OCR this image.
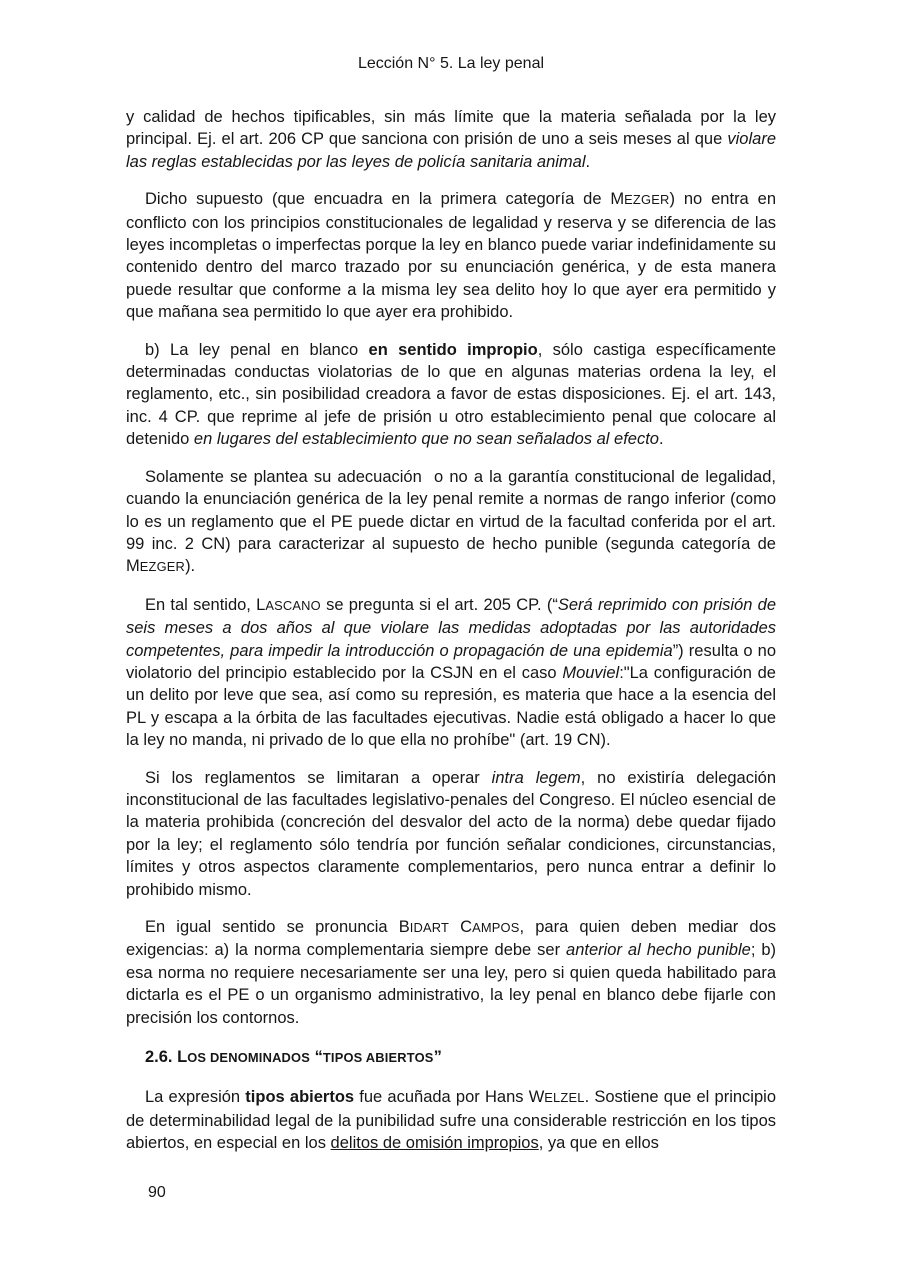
Lección N° 5. La ley penal

y calidad de hechos tipificables, sin más límite que la materia señalada por la ley principal. Ej. el art. 206 CP que sanciona con prisión de uno a seis meses al que violare las reglas establecidas por las leyes de policía sanitaria animal.

Dicho supuesto (que encuadra en la primera categoría de MEZGER) no entra en conflicto con los principios constitucionales de legalidad y reserva y se diferencia de las leyes incompletas o imperfectas porque la ley en blanco puede variar indefinidamente su contenido dentro del marco trazado por su enunciación genérica, y de esta manera puede resultar que conforme a la misma ley sea delito hoy lo que ayer era permitido y que mañana sea permitido lo que ayer era prohibido.

b) La ley penal en blanco en sentido impropio, sólo castiga específicamente determinadas conductas violatorias de lo que en algunas materias ordena la ley, el reglamento, etc., sin posibilidad creadora a favor de estas disposiciones. Ej. el art. 143, inc. 4 CP. que reprime al jefe de prisión u otro establecimiento penal que colocare al detenido en lugares del establecimiento que no sean señalados al efecto.

Solamente se plantea su adecuación  o no a la garantía constitucional de legalidad, cuando la enunciación genérica de la ley penal remite a normas de rango inferior (como lo es un reglamento que el PE puede dictar en virtud de la facultad conferida por el art. 99 inc. 2 CN) para caracterizar al supuesto de hecho punible (segunda categoría de MEZGER).

En tal sentido, LASCANO se pregunta si el art. 205 CP. (“Será reprimido con prisión de seis meses a dos años al que violare las medidas adoptadas por las autoridades competentes, para impedir la introducción o propagación de una epidemia”) resulta o no violatorio del principio establecido por la CSJN en el caso Mouviel:"La configuración de un delito por leve que sea, así como su represión, es materia que hace a la esencia del PL y escapa a la órbita de las facultades ejecutivas. Nadie está obligado a hacer lo que la ley no manda, ni privado de lo que ella no prohíbe" (art. 19 CN).

Si los reglamentos se limitaran a operar intra legem, no existiría delegación inconstitucional de las facultades legislativo-penales del Congreso. El núcleo esencial de la materia prohibida (concreción del desvalor del acto de la norma) debe quedar fijado por la ley; el reglamento sólo tendría por función señalar condiciones, circunstancias, límites y otros aspectos claramente complementarios, pero nunca entrar a definir lo prohibido mismo.

En igual sentido se pronuncia BIDART CAMPOS, para quien deben mediar dos exigencias: a) la norma complementaria siempre debe ser anterior al hecho punible; b) esa norma no requiere necesariamente ser una ley, pero si quien queda habilitado para dictarla es el PE o un organismo administrativo, la ley penal en blanco debe fijarle con precisión los contornos.

2.6. LOS DENOMINADOS “TIPOS ABIERTOS”

La expresión tipos abiertos fue acuñada por Hans WELZEL. Sostiene que el principio de determinabilidad legal de la punibilidad sufre una considerable restricción en los tipos abiertos, en especial en los delitos de omisión impropios, ya que en ellos

90
